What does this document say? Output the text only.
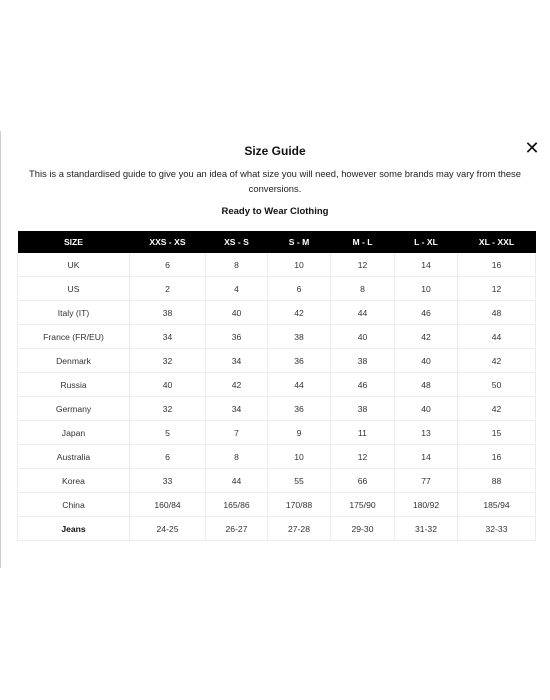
✕
Size Guide
This is a standardised guide to give you an idea of what size you will need, however some brands may vary from these conversions.
Ready to Wear Clothing
SIZE	XXS - XS	XS - S	S - M	M - L	L - XL	XL - XXL
UK	6	8	10	12	14	16
US	2	4	6	8	10	12
Italy (IT)	38	40	42	44	46	48
France (FR/EU)	34	36	38	40	42	44
Denmark	32	34	36	38	40	42
Russia	40	42	44	46	48	50
Germany	32	34	36	38	40	42
Japan	5	7	9	11	13	15
Australia	6	8	10	12	14	16
Korea	33	44	55	66	77	88
China	160/84	165/86	170/88	175/90	180/92	185/94
Jeans	24-25	26-27	27-28	29-30	31-32	32-33
